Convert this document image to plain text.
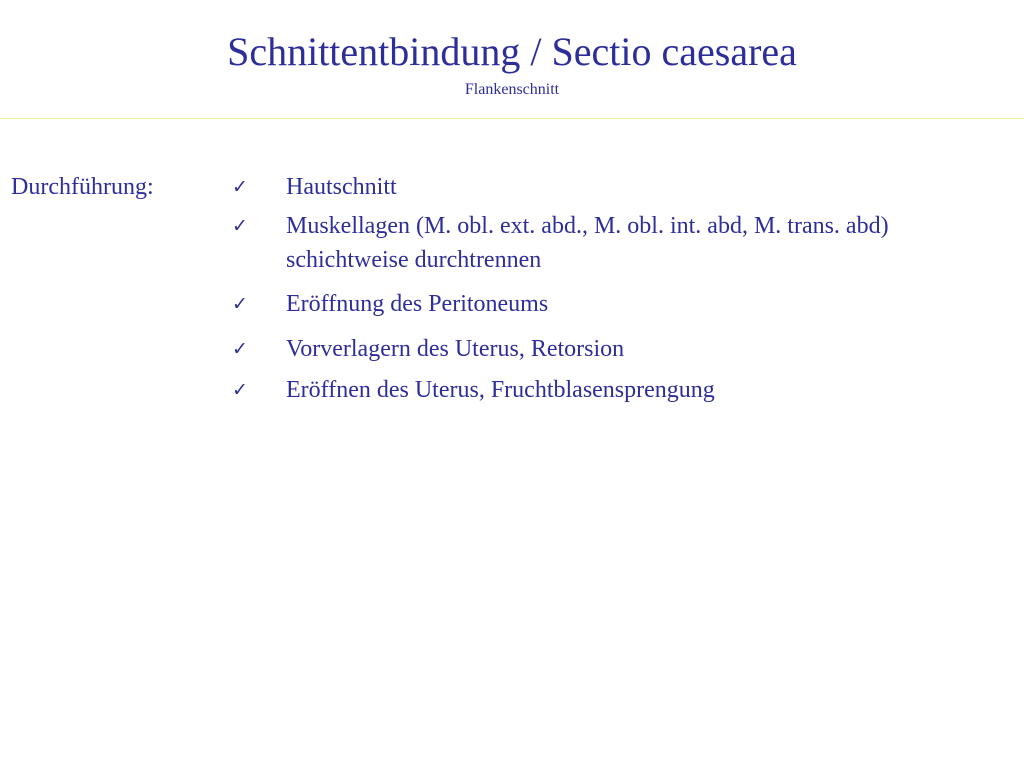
Schnittentbindung / Sectio caesarea
Flankenschnitt
Durchführung:	✓ Hautschnitt
✓ Muskellagen (M. obl. ext. abd., M. obl. int. abd, M. trans. abd) schichtweise durchtrennen
✓ Eröffnung des Peritoneums
✓ Vorverlagern des Uterus, Retorsion
✓ Eröffnen des Uterus, Fruchtblasensprengung
